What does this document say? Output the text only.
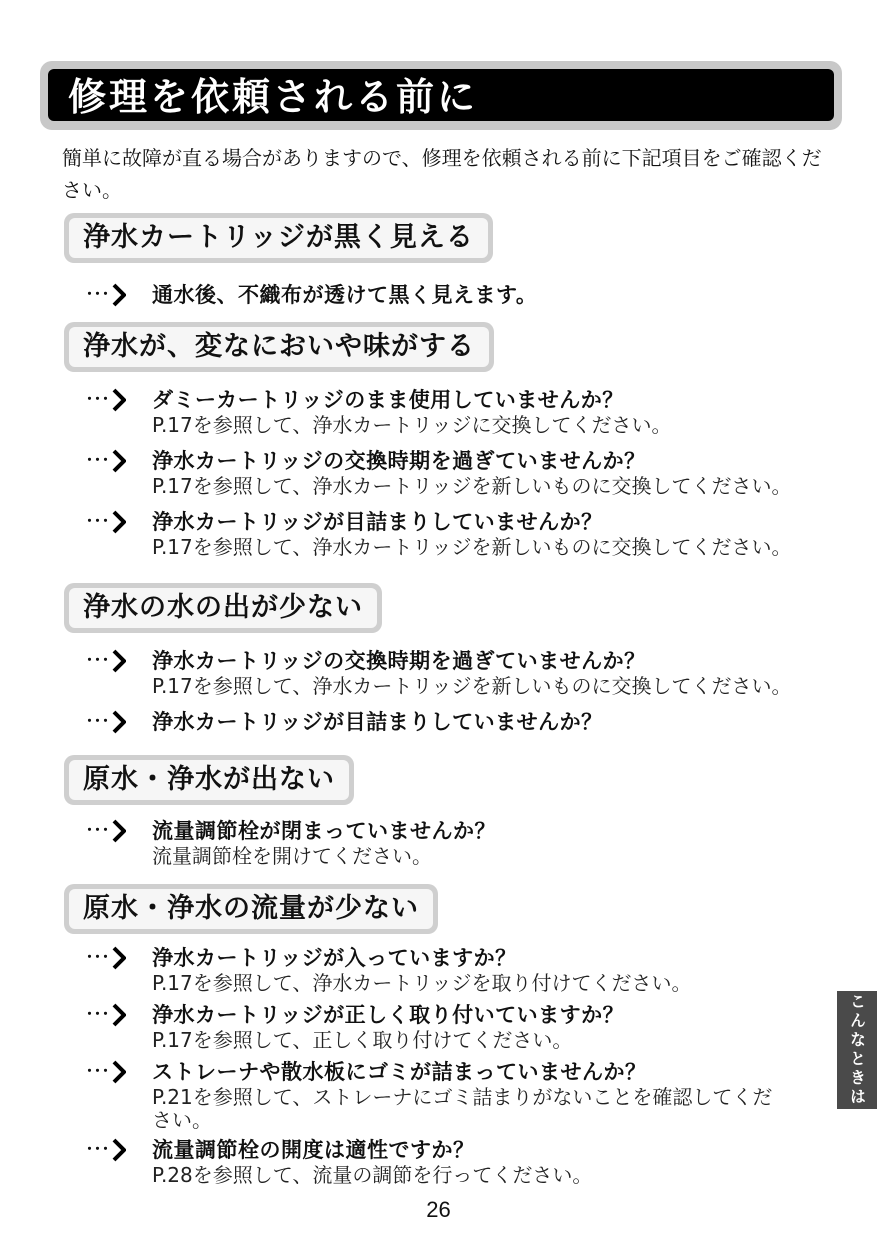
修理を依頼される前に
簡単に故障が直る場合がありますので、修理を依頼される前に下記項目をご確認ください。
浄水カートリッジが黒く見える
･･･ 通水後、不織布が透けて黒く見えます。
浄水が、変なにおいや味がする
･･･ ダミーカートリッジのまま使用していませんか？
P.17を参照して、浄水カートリッジに交換してください。
･･･ 浄水カートリッジの交換時期を過ぎていませんか？
P.17を参照して、浄水カートリッジを新しいものに交換してください。
･･･ 浄水カートリッジが目詰まりしていませんか？
P.17を参照して、浄水カートリッジを新しいものに交換してください。
浄水の水の出が少ない
･･･ 浄水カートリッジの交換時期を過ぎていませんか？
P.17を参照して、浄水カートリッジを新しいものに交換してください。
･･･ 浄水カートリッジが目詰まりしていませんか？
原水・浄水が出ない
･･･ 流量調節栓が閉まっていませんか？
流量調節栓を開けてください。
原水・浄水の流量が少ない
･･･ 浄水カートリッジが入っていますか？
P.17を参照して、浄水カートリッジを取り付けてください。
･･･ 浄水カートリッジが正しく取り付いていますか？
P.17を参照して、正しく取り付けてください。
･･･ ストレーナや散水板にゴミが詰まっていませんか？
P.21を参照して、ストレーナにゴミ詰まりがないことを確認してください。
･･･ 流量調節栓の開度は適性ですか？
P.28を参照して、流量の調節を行ってください。
こんなときは
26
